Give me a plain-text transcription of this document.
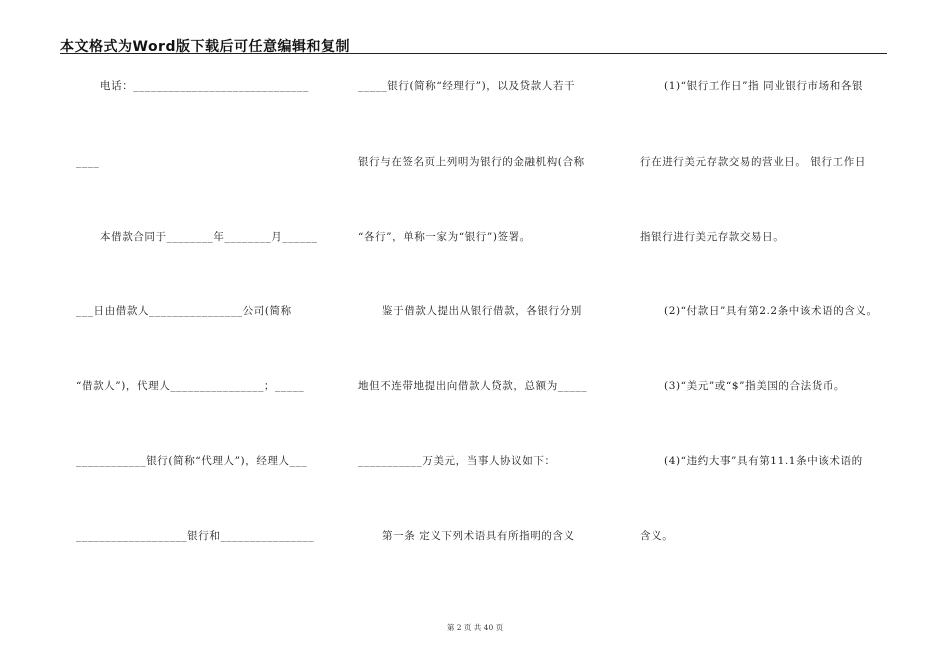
本文格式为Word版下载后可任意编辑和复制
电话：______________________________
____
本借款合同于________年________月______
___日由借款人________________公司(简称
“借款人”)，代理人________________；_____
____________银行(简称“代理人”)，经理人___
___________________银行和________________
_____银行(简称“经理行”)，以及贷款人若干
银行与在签名页上列明为银行的金融机构(合称
“各行”，单称一家为“银行”)签署。
鉴于借款人提出从银行借款，各银行分别
地但不连带地提出向借款人贷款，总额为_____
___________万美元，当事人协议如下：
第一条 定义下列术语具有所指明的含义
(1)“银行工作日”指 同业银行市场和各银
行在进行美元存款交易的营业日。 银行工作日
指银行进行美元存款交易日。
(2)“付款日”具有第2.2条中该术语的含义。
(3)“美元”或“$”指美国的合法货币。
(4)“违约大事”具有第11.1条中该术语的
含义。
第 2 页 共 40 页
